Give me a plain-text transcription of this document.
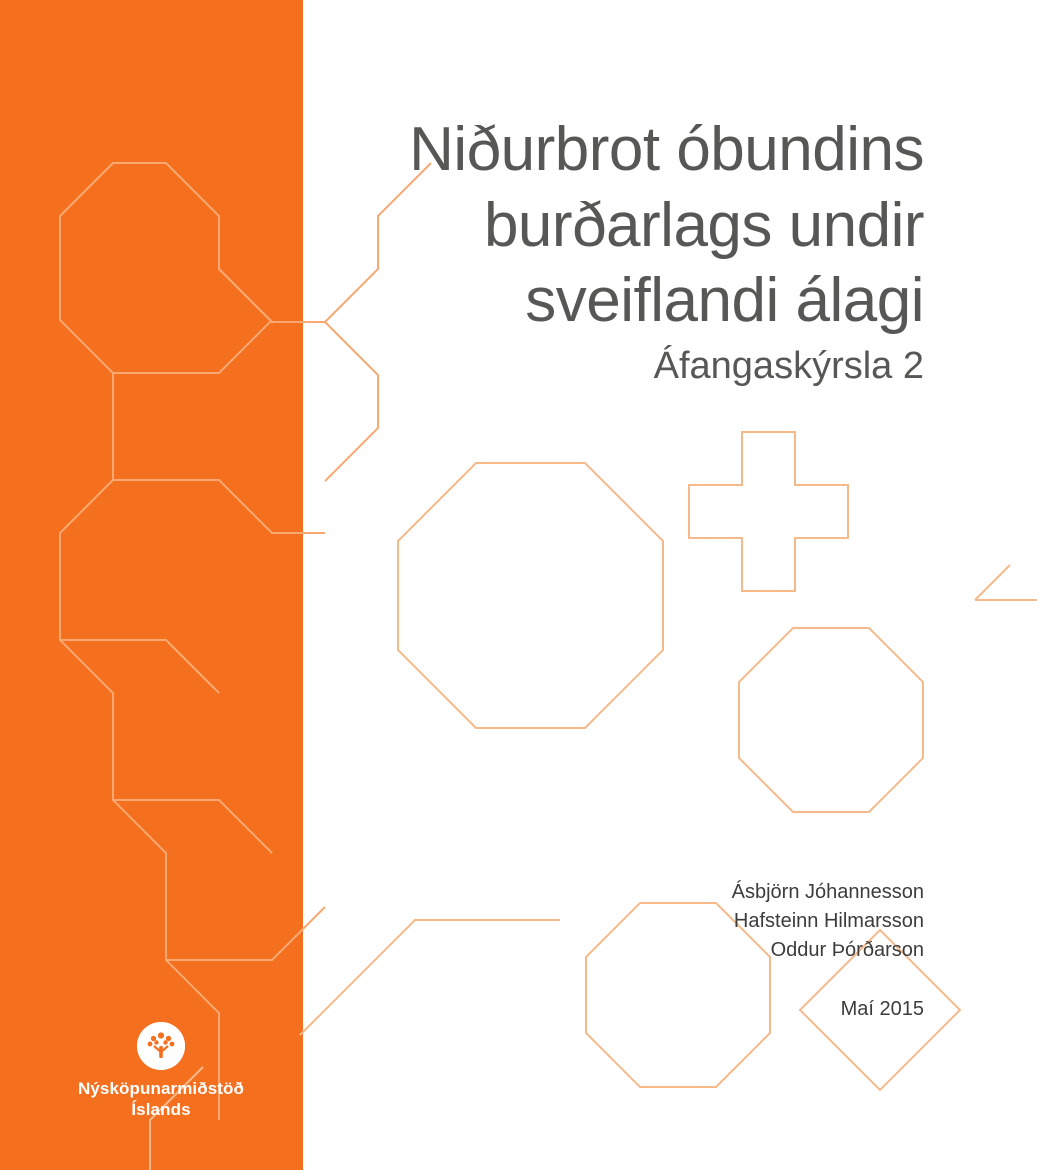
Niðurbrot óbundins burðarlags undir sveiflandi álagi
Áfangaskýrsla 2
Ásbjörn Jóhannesson
Hafsteinn Hilmarsson
Oddur Þórðarson
Maí 2015
Nýsköpunarmiðstöð
Íslands
